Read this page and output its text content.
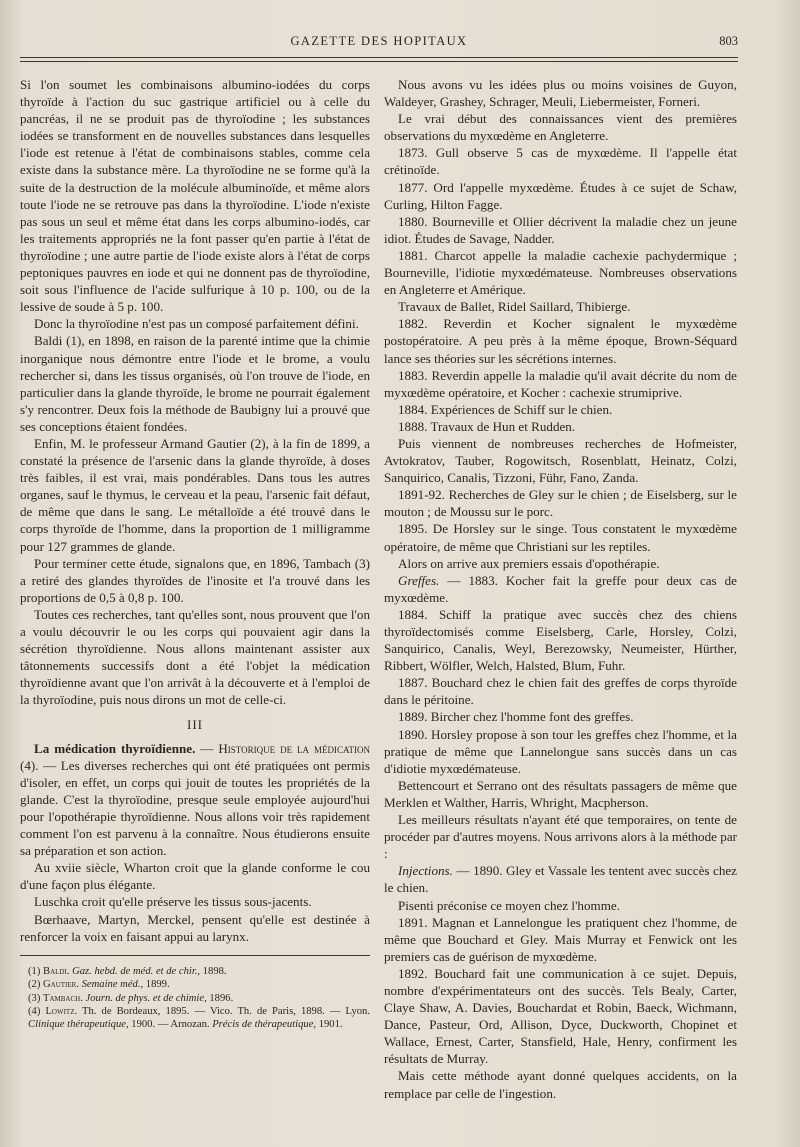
GAZETTE DES HOPITAUX	803

Si l'on soumet les combinaisons albumino-iodées du corps thyroïde à l'action du suc gastrique artificiel ou à celle du pancréas, il ne se produit pas de thyroïodine ; les substances iodées se transforment en de nouvelles substances dans lesquelles l'iode est retenue à l'état de combinaisons stables, comme cela existe dans la substance mère. La thyroïodine ne se forme qu'à la suite de la destruction de la molécule albuminoïde, et même alors toute l'iode ne se retrouve pas dans la thyroïodine. L'iode n'existe pas sous un seul et même état dans les corps albumino-iodés, car les traitements appropriés ne la font passer qu'en partie à l'état de thyroïodine ; une autre partie de l'iode existe alors à l'état de corps peptoniques pauvres en iode et qui ne donnent pas de thyroïodine, soit sous l'influence de l'acide sulfurique à 10 p. 100, ou de la lessive de soude à 5 p. 100.

Donc la thyroïodine n'est pas un composé parfaitement défini.

Baldi (1), en 1898, en raison de la parenté intime que la chimie inorganique nous démontre entre l'iode et le brome, a voulu rechercher si, dans les tissus organisés, où l'on trouve de l'iode, en particulier dans la glande thyroïde, le brome ne pourrait également s'y rencontrer. Deux fois la méthode de Baubigny lui a prouvé que ses conceptions étaient fondées.

Enfin, M. le professeur Armand Gautier (2), à la fin de 1899, a constaté la présence de l'arsenic dans la glande thyroïde, à doses très faibles, il est vrai, mais pondérables. Dans tous les autres organes, sauf le thymus, le cerveau et la peau, l'arsenic fait défaut, de même que dans le sang. Le métalloïde a été trouvé dans le corps thyroïde de l'homme, dans la proportion de 1 milligramme pour 127 grammes de glande.

Pour terminer cette étude, signalons que, en 1896, Tambach (3) a retiré des glandes thyroïdes de l'inosite et l'a trouvé dans les proportions de 0,5 à 0,8 p. 100.

Toutes ces recherches, tant qu'elles sont, nous prouvent que l'on a voulu découvrir le ou les corps qui pouvaient agir dans la sécrétion thyroïdienne. Nous allons maintenant assister aux tâtonnements successifs dont a été l'objet la médication thyroïdienne avant que l'on arrivât à la découverte et à l'emploi de la thyroïodine, puis nous dirons un mot de celle-ci.

III

La médication thyroïdienne. — Historique de la médication (4). — Les diverses recherches qui ont été pratiquées ont permis d'isoler, en effet, un corps qui jouit de toutes les propriétés de la glande. C'est la thyroïodine, presque seule employée aujourd'hui pour l'opothérapie thyroïdienne. Nous allons voir très rapidement comment l'on est parvenu à la connaître. Nous étudierons ensuite sa préparation et son action.

Au xviie siècle, Wharton croit que la glande conforme le cou d'une façon plus élégante.

Luschka croit qu'elle préserve les tissus sous-jacents.

Bœrhaave, Martyn, Merckel, pensent qu'elle est destinée à renforcer la voix en faisant appui au larynx.

(1) Baldi. Gaz. hebd. de méd. et de chir., 1898.

(2) Gautier. Semaine méd., 1899.

(3) Tambach. Journ. de phys. et de chimie, 1896.

(4) Lowitz. Th. de Bordeaux, 1895. — Vico. Th. de Paris, 1898. — Lyon. Clinique thérapeutique, 1900. — Arnozan. Précis de thérapeutique, 1901.

Nous avons vu les idées plus ou moins voisines de Guyon, Waldeyer, Grashey, Schrager, Meuli, Liebermeister, Forneri.

Le vrai début des connaissances vient des premières observations du myxœdème en Angleterre.

1873. Gull observe 5 cas de myxœdème. Il l'appelle état crétinoïde.

1877. Ord l'appelle myxœdème. Études à ce sujet de Schaw, Curling, Hilton Fagge.

1880. Bourneville et Ollier décrivent la maladie chez un jeune idiot. Études de Savage, Nadder.

1881. Charcot appelle la maladie cachexie pachydermique ; Bourneville, l'idiotie myxœdémateuse. Nombreuses observations en Angleterre et Amérique.

Travaux de Ballet, Ridel Saillard, Thibierge.

1882. Reverdin et Kocher signalent le myxœdème postopératoire. A peu près à la même époque, Brown-Séquard lance ses théories sur les sécrétions internes.

1883. Reverdin appelle la maladie qu'il avait décrite du nom de myxœdème opératoire, et Kocher : cachexie strumiprive.

1884. Expériences de Schiff sur le chien.

1888. Travaux de Hun et Rudden.

Puis viennent de nombreuses recherches de Hofmeister, Avtokratov, Tauber, Rogowitsch, Rosenblatt, Heinatz, Colzi, Sanquirico, Canalis, Tizzoni, Führ, Fano, Zanda.

1891-92. Recherches de Gley sur le chien ; de Eiselsberg, sur le mouton ; de Moussu sur le porc.

1895. De Horsley sur le singe. Tous constatent le myxœdème opératoire, de même que Christiani sur les reptiles.

Alors on arrive aux premiers essais d'opothérapie.

Greffes. — 1883. Kocher fait la greffe pour deux cas de myxœdème.

1884. Schiff la pratique avec succès chez des chiens thyroïdectomisés comme Eiselsberg, Carle, Horsley, Colzi, Sanquirico, Canalis, Weyl, Berezowsky, Neumeister, Hürther, Ribbert, Wölfler, Welch, Halsted, Blum, Fuhr.

1887. Bouchard chez le chien fait des greffes de corps thyroïde dans le péritoine.

1889. Bircher chez l'homme font des greffes.

1890. Horsley propose à son tour les greffes chez l'homme, et la pratique de même que Lannelongue sans succès dans un cas d'idiotie myxœdémateuse.

Bettencourt et Serrano ont des résultats passagers de même que Merklen et Walther, Harris, Whright, Macpherson.

Les meilleurs résultats n'ayant été que temporaires, on tente de procéder par d'autres moyens. Nous arrivons alors à la méthode par :

Injections. — 1890. Gley et Vassale les tentent avec succès chez le chien.

Pisenti préconise ce moyen chez l'homme.

1891. Magnan et Lannelongue les pratiquent chez l'homme, de même que Bouchard et Gley. Mais Murray et Fenwick ont les premiers cas de guérison de myxœdème.

1892. Bouchard fait une communication à ce sujet. Depuis, nombre d'expérimentateurs ont des succès. Tels Bealy, Carter, Claye Shaw, A. Davies, Bouchardat et Robin, Baeck, Wichmann, Dance, Pasteur, Ord, Allison, Dyce, Duckworth, Chopinet et Wallace, Ernest, Carter, Stansfield, Hale, Henry, confirment les résultats de Murray.

Mais cette méthode ayant donné quelques accidents, on la remplace par celle de l'ingestion.
